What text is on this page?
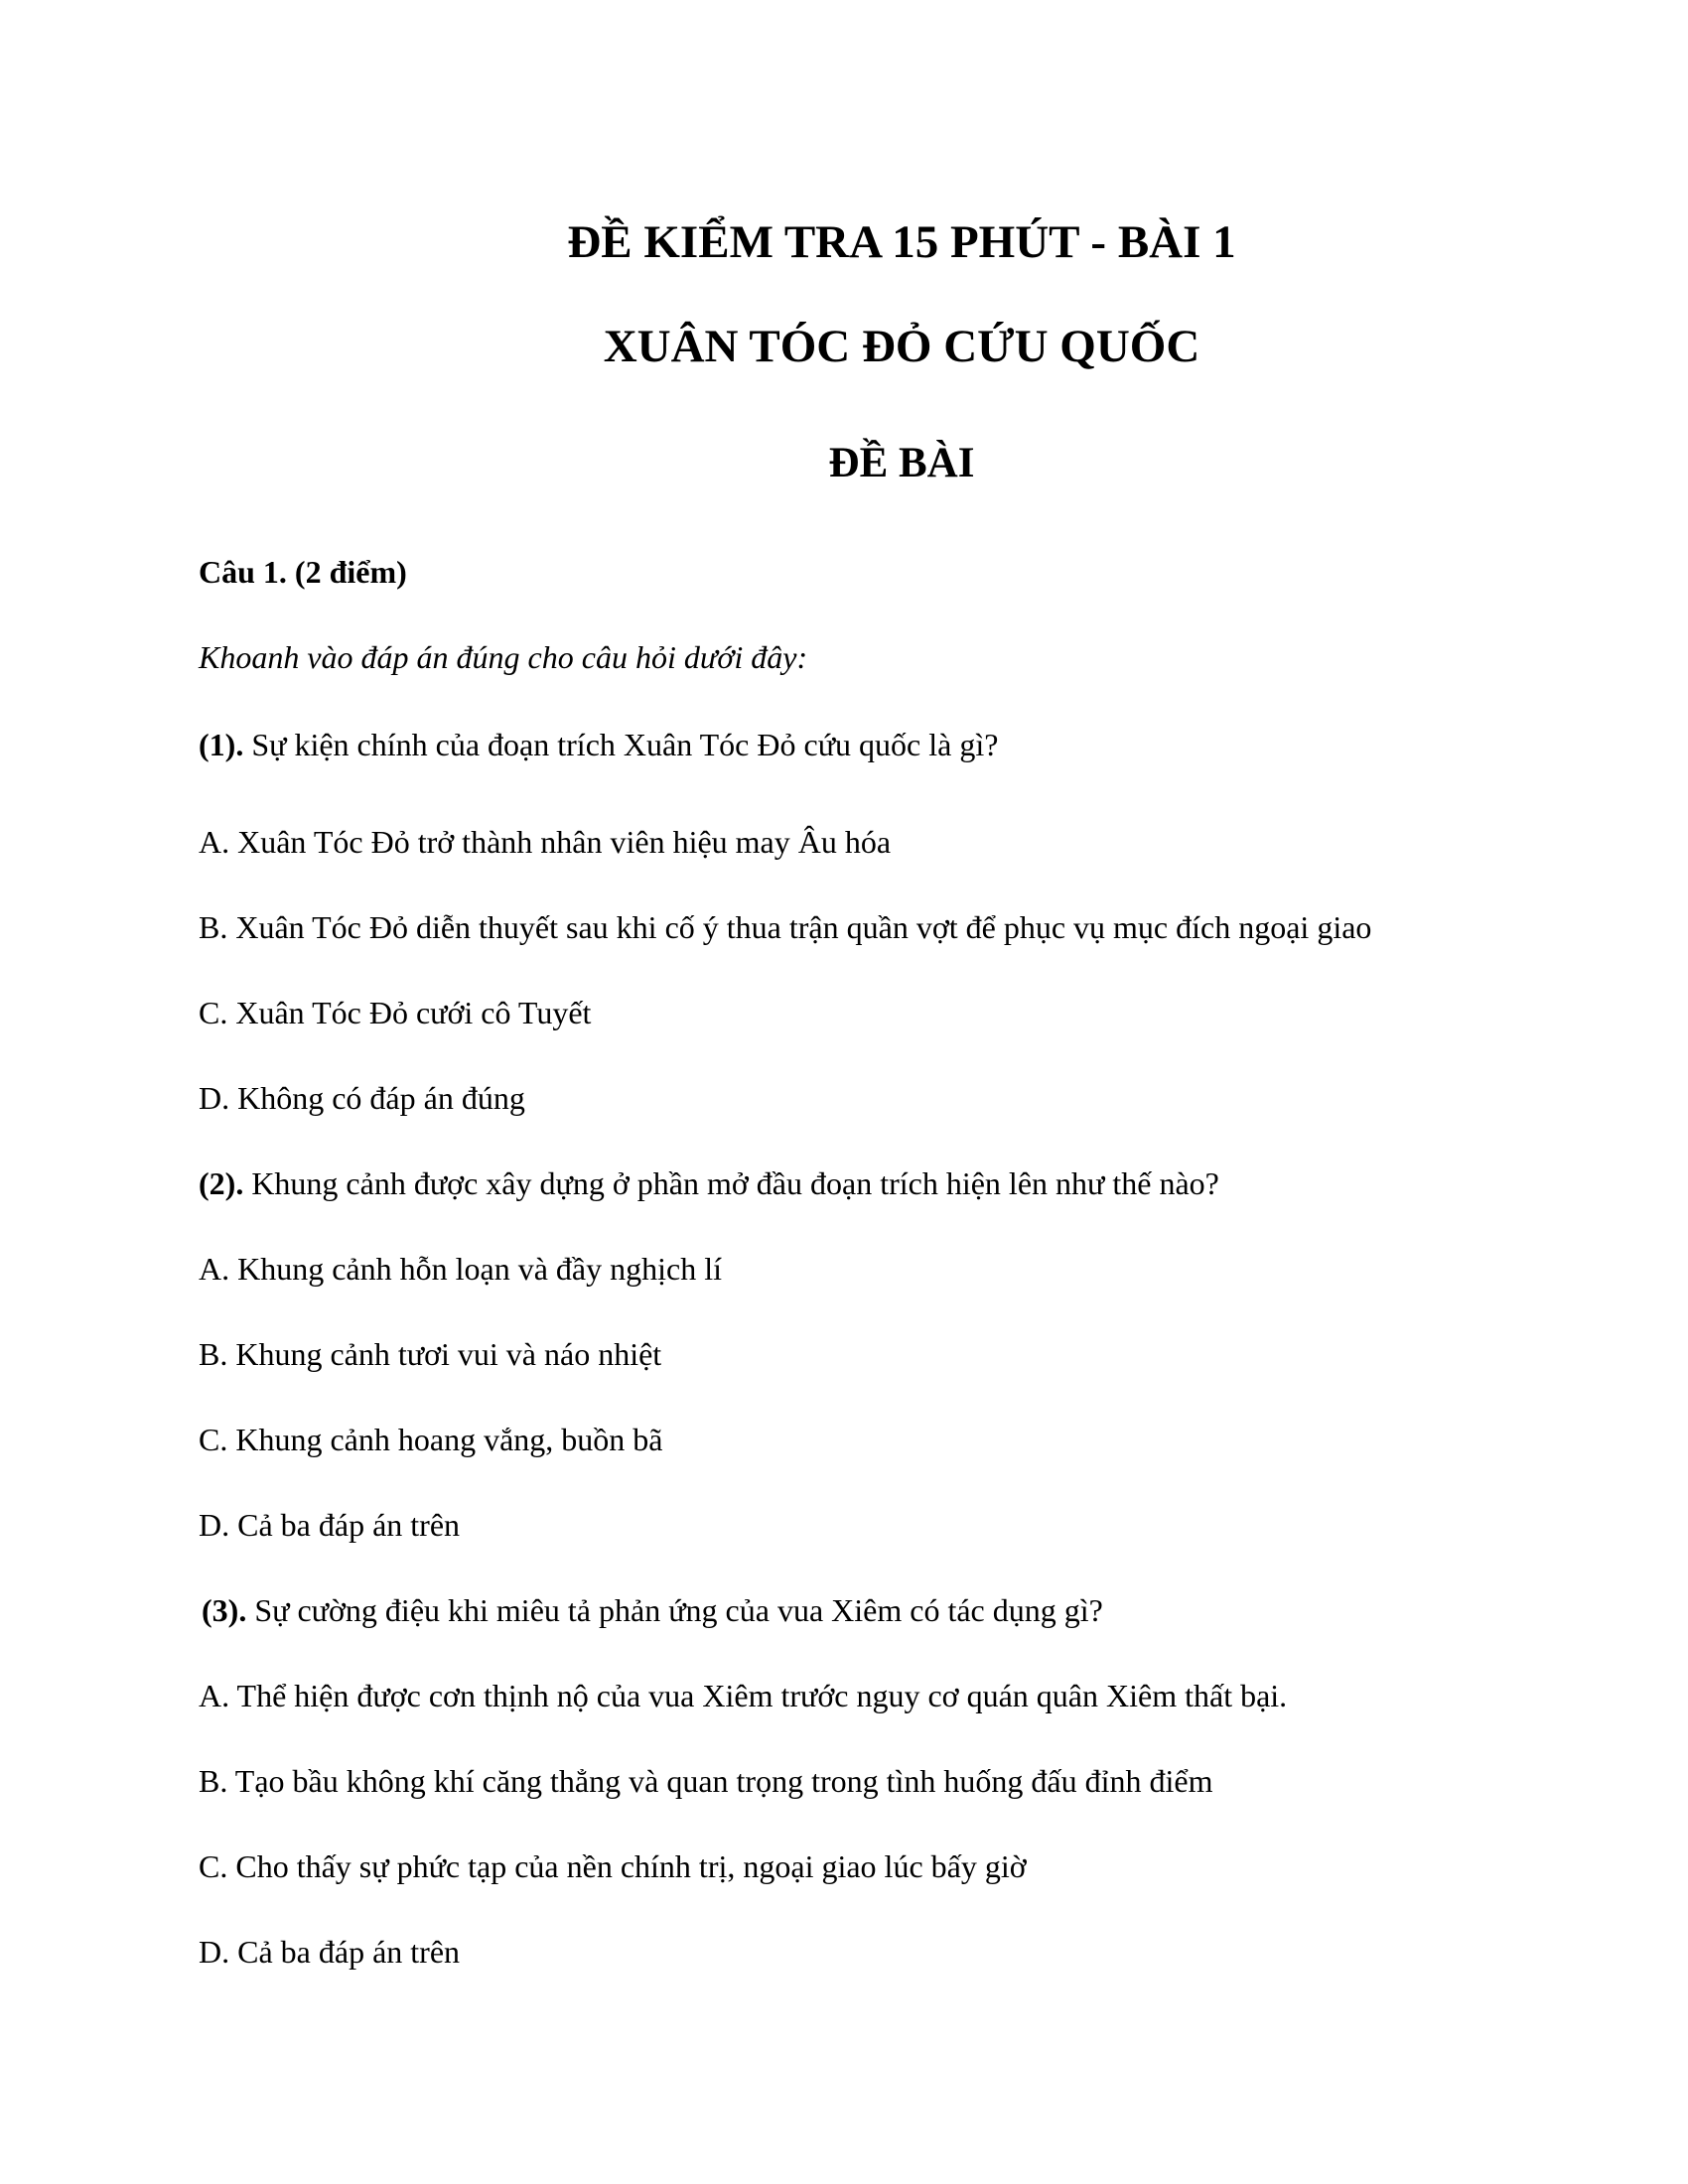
ĐỀ KIỂM TRA 15 PHÚT - BÀI 1
XUÂN TÓC ĐỎ CỨU QUỐC
ĐỀ BÀI
Câu 1. (2 điểm)
Khoanh vào đáp án đúng cho câu hỏi dưới đây:
(1). Sự kiện chính của đoạn trích Xuân Tóc Đỏ cứu quốc là gì?
A. Xuân Tóc Đỏ trở thành nhân viên hiệu may Âu hóa
B. Xuân Tóc Đỏ diễn thuyết sau khi cố ý thua trận quần vợt để phục vụ mục đích ngoại giao
C. Xuân Tóc Đỏ cưới cô Tuyết
D. Không có đáp án đúng
(2). Khung cảnh được xây dựng ở phần mở đầu đoạn trích hiện lên như thế nào?
A. Khung cảnh hỗn loạn và đầy nghịch lí
B. Khung cảnh tươi vui và náo nhiệt
C. Khung cảnh hoang vắng, buồn bã
D. Cả ba đáp án trên
(3). Sự cường điệu khi miêu tả phản ứng của vua Xiêm có tác dụng gì?
A. Thể hiện được cơn thịnh nộ của vua Xiêm trước nguy cơ quán quân Xiêm thất bại.
B. Tạo bầu không khí căng thẳng và quan trọng trong tình huống đấu đỉnh điểm
C. Cho thấy sự phức tạp của nền chính trị, ngoại giao lúc bấy giờ
D. Cả ba đáp án trên
